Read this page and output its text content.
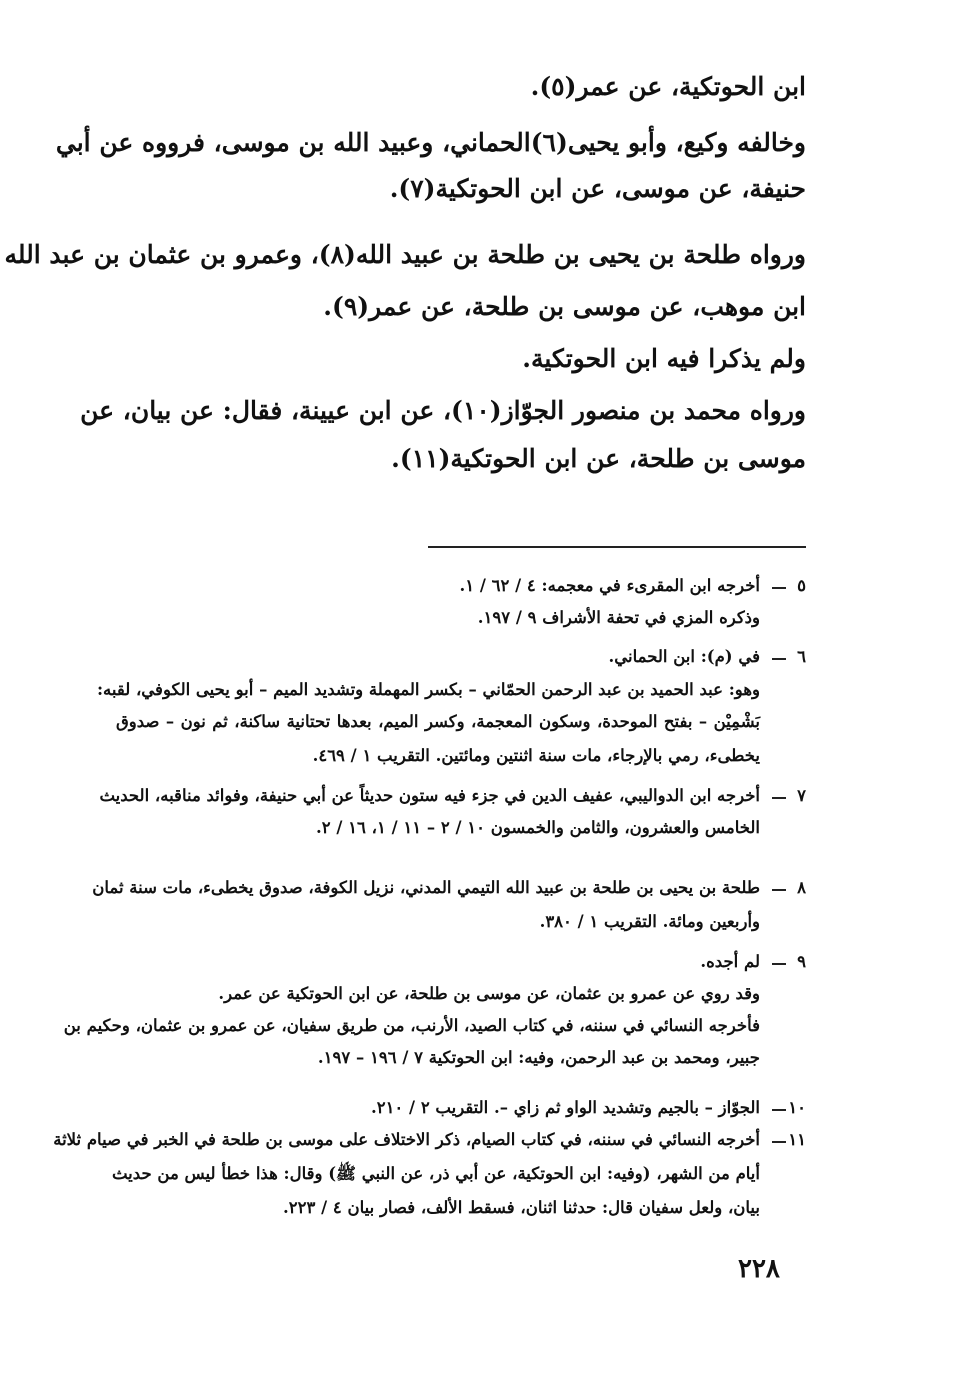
ابن الحوتكية، عن عمر(٥).
وخالفه وكيع، وأبو يحيى(٦)الحماني، وعبيد الله بن موسى، فرووه عن أبي
حنيفة، عن موسى، عن ابن الحوتكية(٧).
ورواه طلحة بن يحيى بن طلحة بن عبيد الله(٨)، وعمرو بن عثمان بن عبد الله
ابن موهب، عن موسى بن طلحة، عن عمر(٩).
ولم يذكرا فيه ابن الحوتكية.
ورواه محمد بن منصور الجوّاز(١٠)، عن ابن عيينة، فقال: عن بيان، عن
موسى بن طلحة، عن ابن الحوتكية(١١).
٥
أخرجه ابن المقرىء في معجمه: ٤ / ٦٢ / ١.
وذكره المزي في تحفة الأشراف ٩ / ١٩٧.
٦
في (م): ابن الحماني.
وهو: عبد الحميد بن عبد الرحمن الحمّاني – بكسر المهملة وتشديد الميم – أبو يحيى الكوفي، لقبه:
بَشْمِيْن – بفتح الموحدة، وسكون المعجمة، وكسر الميم، بعدها تحتانية ساكنة، ثم نون – صدوق
يخطىء، رمي بالإرجاء، مات سنة اثنتين ومائتين. التقريب ١ / ٤٦٩.
٧
أخرجه ابن الدواليبي، عفيف الدين في جزء فيه ستون حديثاً عن أبي حنيفة، وفوائد مناقبه، الحديث
الخامس والعشرون، والثامن والخمسون ١٠ / ٢ – ١١ / ١، ١٦ / ٢.
٨
طلحة بن يحيى بن طلحة بن عبيد الله التيمي المدني، نزيل الكوفة، صدوق يخطىء، مات سنة ثمان
وأربعين ومائة. التقريب ١ / ٣٨٠.
٩
لم أجده.
وقد روي عن عمرو بن عثمان، عن موسى بن طلحة، عن ابن الحوتكية عن عمر.
فأخرجه النسائي في سننه، في كتاب الصيد، الأرنب، من طريق سفيان، عن عمرو بن عثمان، وحكيم بن
جبير، ومحمد بن عبد الرحمن، وفيه: ابن الحوتكية ٧ / ١٩٦ – ١٩٧.
١٠
الجوّاز – بالجيم وتشديد الواو ثم زاي –. التقريب ٢ / ٢١٠.
١١
أخرجه النسائي في سننه، في كتاب الصيام، ذكر الاختلاف على موسى بن طلحة في الخبر في صيام ثلاثة
أيام من الشهر، (وفيه: ابن الحوتكية، عن أبي ذر، عن النبي ﷺ) وقال: هذا خطأ ليس من حديث
بيان، ولعل سفيان قال: حدثنا اثنان، فسقط الألف، فصار بيان ٤ / ٢٢٣.
٢٢٨
